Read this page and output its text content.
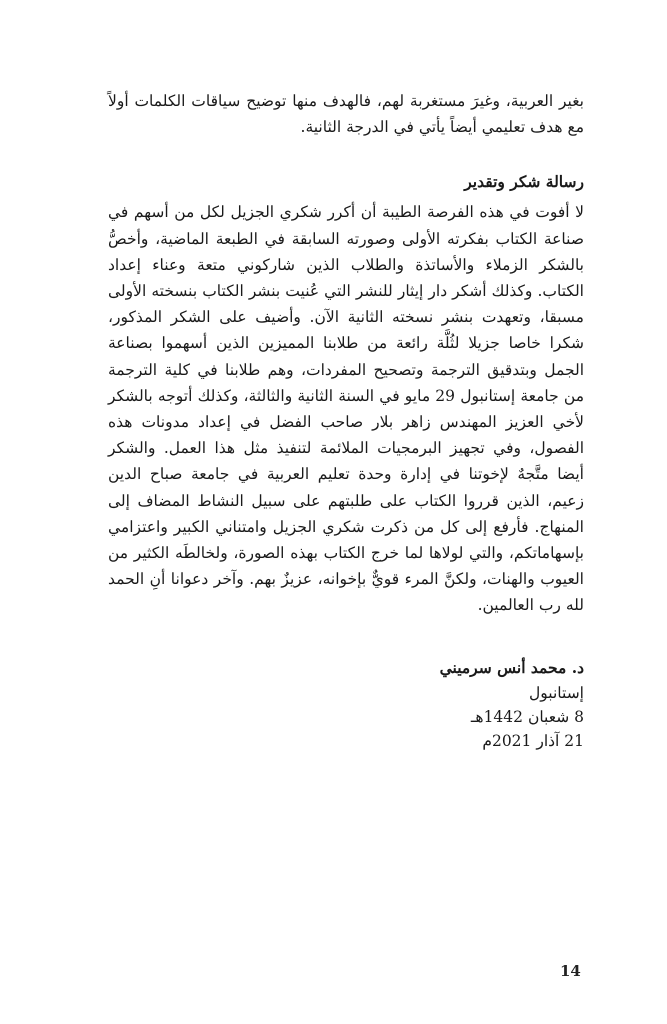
بغير العربية، وغيرَ مستغربة لهم، فالهدف منها توضيح سياقات الكلمات أولاً مع هدف تعليمي أيضاً يأتي في الدرجة الثانية.

رسالة شكر وتقدير

لا أفوت في هذه الفرصة الطيبة أن أكرر شكري الجزيل لكل من أسهم في صناعة الكتاب بفكرته الأولى وصورته السابقة في الطبعة الماضية، وأخصُّ بالشكر الزملاء والأساتذة والطلاب الذين شاركوني متعة وعناء إعداد الكتاب. وكذلك أشكر دار إيثار للنشر التي عُنيت بنشر الكتاب بنسخته الأولى مسبقا، وتعهدت بنشر نسخته الثانية الآن. وأضيف على الشكر المذكور، شكرا خاصا جزيلا لثُلَّة رائعة من طلابنا المميزين الذين أسهموا بصناعة الجمل وبتدقيق الترجمة وتصحيح المفردات، وهم طلابنا في كلية الترجمة من جامعة إستانبول 29 مايو في السنة الثانية والثالثة، وكذلك أتوجه بالشكر لأخي العزيز المهندس زاهر بلار صاحب الفضل في إعداد مدونات هذه الفصول، وفي تجهيز البرمجيات الملائمة لتنفيذ مثل هذا العمل. والشكر أيضا متَّجهٌ لإخوتنا في إدارة وحدة تعليم العربية في جامعة صباح الدين زعيم، الذين قرروا الكتاب على طلبتهم على سبيل النشاط المضاف إلى المنهاج. فأرفع إلى كل من ذكرت شكري الجزيل وامتناني الكبير واعتزامي بإسهاماتكم، والتي لولاها لما خرج الكتاب بهذه الصورة، ولخالطَه الكثير من العيوب والهنات، ولكنَّ المرء قويٌّ بإخوانه، عزيزٌ بهم. وآخر دعوانا أنِ الحمد لله رب العالمين.

د. محمد أنس سرميني
إستانبول
8 شعبان 1442هـ
21 آذار 2021م
14
